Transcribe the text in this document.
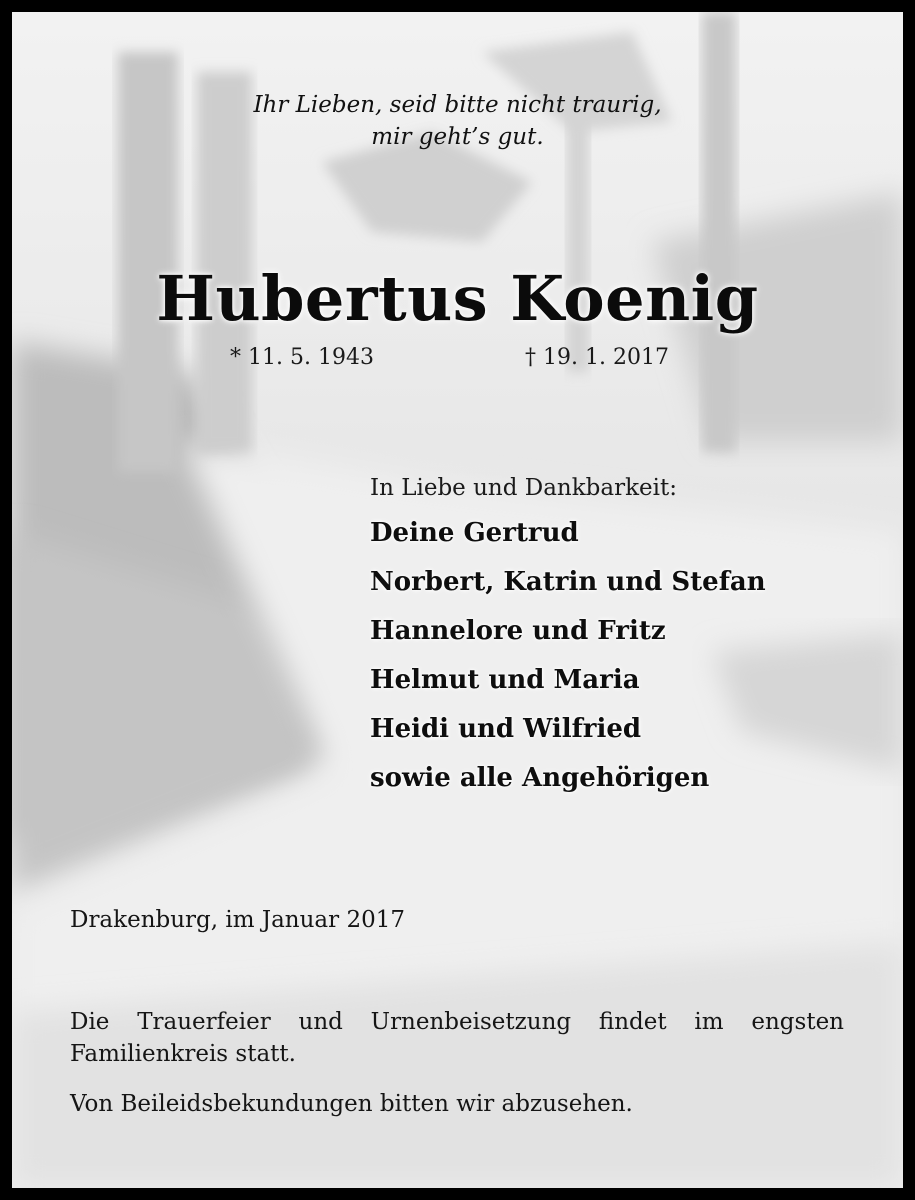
Ihr Lieben, seid bitte nicht traurig,
mir geht’s gut.
Hubertus Koenig
* 11. 5. 1943	† 19. 1. 2017
In Liebe und Dankbarkeit:
Deine Gertrud
Norbert, Katrin und Stefan
Hannelore und Fritz
Helmut und Maria
Heidi und Wilfried
sowie alle Angehörigen
Drakenburg, im Januar 2017
Die Trauerfeier und Urnenbeisetzung findet im engsten Familienkreis statt.
Von Beileidsbekundungen bitten wir abzusehen.
